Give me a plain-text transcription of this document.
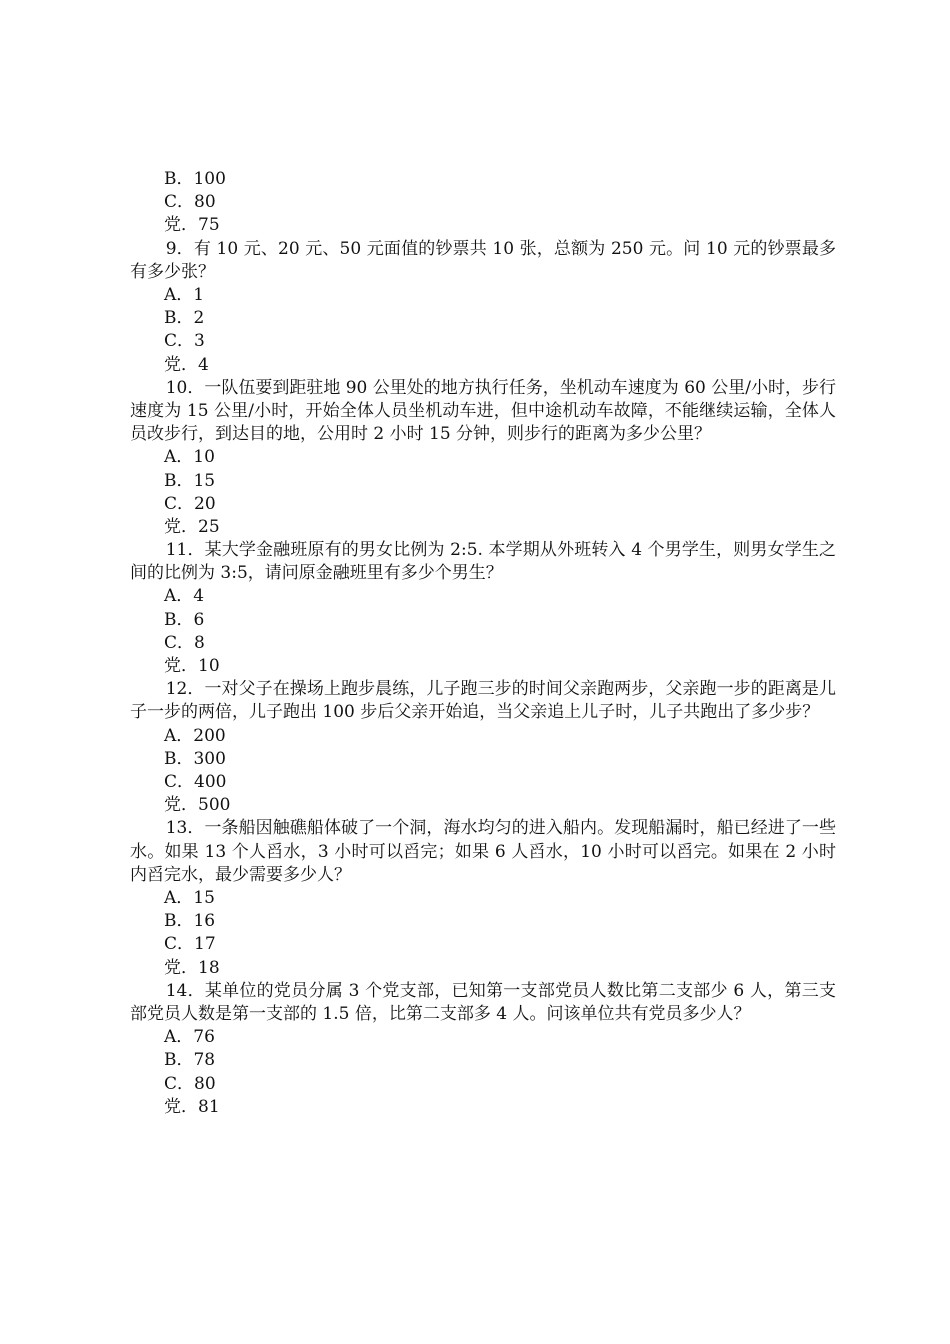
B．100
C．80
党．75
9．有 10 元、20 元、50 元面值的钞票共 10 张，总额为 250 元。问 10 元的钞票最多有多少张？
A．1
B．2
C．3
党．4
10．一队伍要到距驻地 90 公里处的地方执行任务，坐机动车速度为 60 公里/小时，步行速度为 15 公里/小时，开始全体人员坐机动车进，但中途机动车故障，不能继续运输，全体人员改步行，到达目的地，公用时 2 小时 15 分钟，则步行的距离为多少公里？
A．10
B．15
C．20
党．25
11．某大学金融班原有的男女比例为 2:5. 本学期从外班转入 4 个男学生，则男女学生之间的比例为 3:5，请问原金融班里有多少个男生？
A．4
B．6
C．8
党．10
12．一对父子在操场上跑步晨练，儿子跑三步的时间父亲跑两步，父亲跑一步的距离是儿子一步的两倍，儿子跑出 100 步后父亲开始追，当父亲追上儿子时，儿子共跑出了多少步？
A．200
B．300
C．400
党．500
13．一条船因触礁船体破了一个洞，海水均匀的进入船内。发现船漏时，船已经进了一些水。如果 13 个人舀水，3 小时可以舀完；如果 6 人舀水，10 小时可以舀完。如果在 2 小时内舀完水，最少需要多少人？
A．15
B．16
C．17
党．18
14．某单位的党员分属 3 个党支部，已知第一支部党员人数比第二支部少 6 人，第三支部党员人数是第一支部的 1.5 倍，比第二支部多 4 人。问该单位共有党员多少人？
A．76
B．78
C．80
党．81
